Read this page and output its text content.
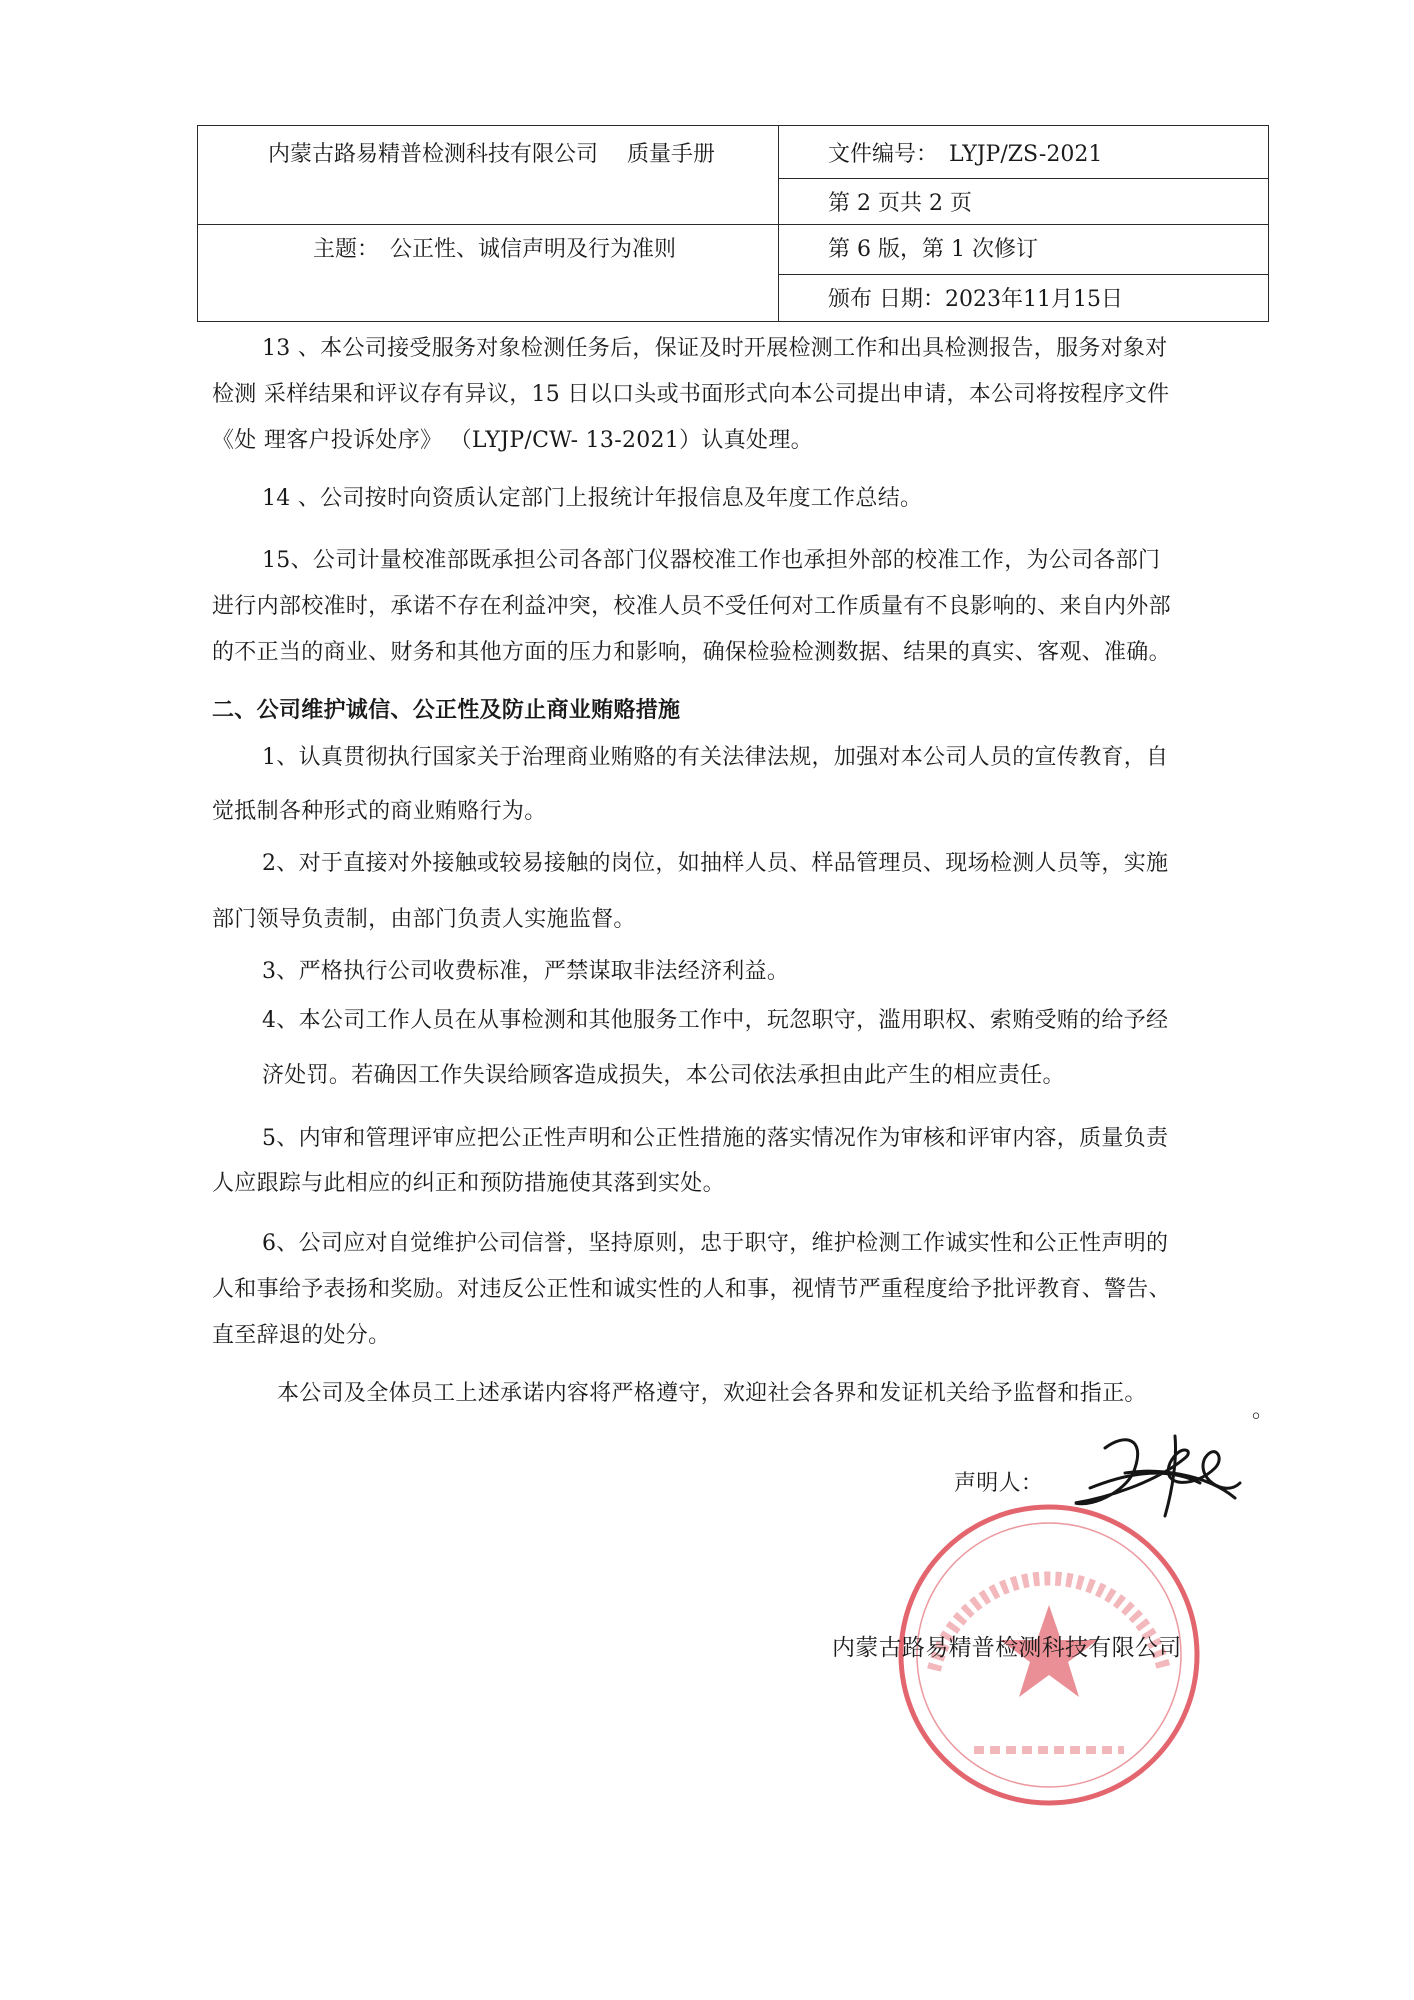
内蒙古路易精普检测科技有限公司　 质量手册	文件编号：　LYJP/ZS-2021
第 2 页共 2 页
主题：　公正性、诚信声明及行为准则	第 6 版，第 1 次修订
颁布 日期：2023年11月15日
13 、本公司接受服务对象检测任务后，保证及时开展检测工作和出具检测报告，服务对象对
检测 采样结果和评议存有异议，15 日以口头或书面形式向本公司提出申请，本公司将按程序文件
《处 理客户投诉处序》 （LYJP/CW- 13-2021）认真处理。
14 、公司按时向资质认定部门上报统计年报信息及年度工作总结。
15、公司计量校准部既承担公司各部门仪器校准工作也承担外部的校准工作，为公司各部门
进行内部校准时，承诺不存在利益冲突，校准人员不受任何对工作质量有不良影响的、来自内外部
的不正当的商业、财务和其他方面的压力和影响，确保检验检测数据、结果的真实、客观、准确。
二、公司维护诚信、公正性及防止商业贿赂措施
1、认真贯彻执行国家关于治理商业贿赂的有关法律法规，加强对本公司人员的宣传教育，自
觉抵制各种形式的商业贿赂行为。
2、对于直接对外接触或较易接触的岗位，如抽样人员、样品管理员、现场检测人员等，实施
部门领导负责制，由部门负责人实施监督。
3、严格执行公司收费标准，严禁谋取非法经济利益。
4、本公司工作人员在从事检测和其他服务工作中，玩忽职守，滥用职权、索贿受贿的给予经
济处罚。若确因工作失误给顾客造成损失，本公司依法承担由此产生的相应责任。
5、内审和管理评审应把公正性声明和公正性措施的落实情况作为审核和评审内容，质量负责
人应跟踪与此相应的纠正和预防措施使其落到实处。
6、公司应对自觉维护公司信誉，坚持原则，忠于职守，维护检测工作诚实性和公正性声明的
人和事给予表扬和奖励。对违反公正性和诚实性的人和事，视情节严重程度给予批评教育、警告、
直至辞退的处分。
本公司及全体员工上述承诺内容将严格遵守，欢迎社会各界和发证机关给予监督和指正。
。
声明人：
内蒙古路易精普检测科技有限公司
